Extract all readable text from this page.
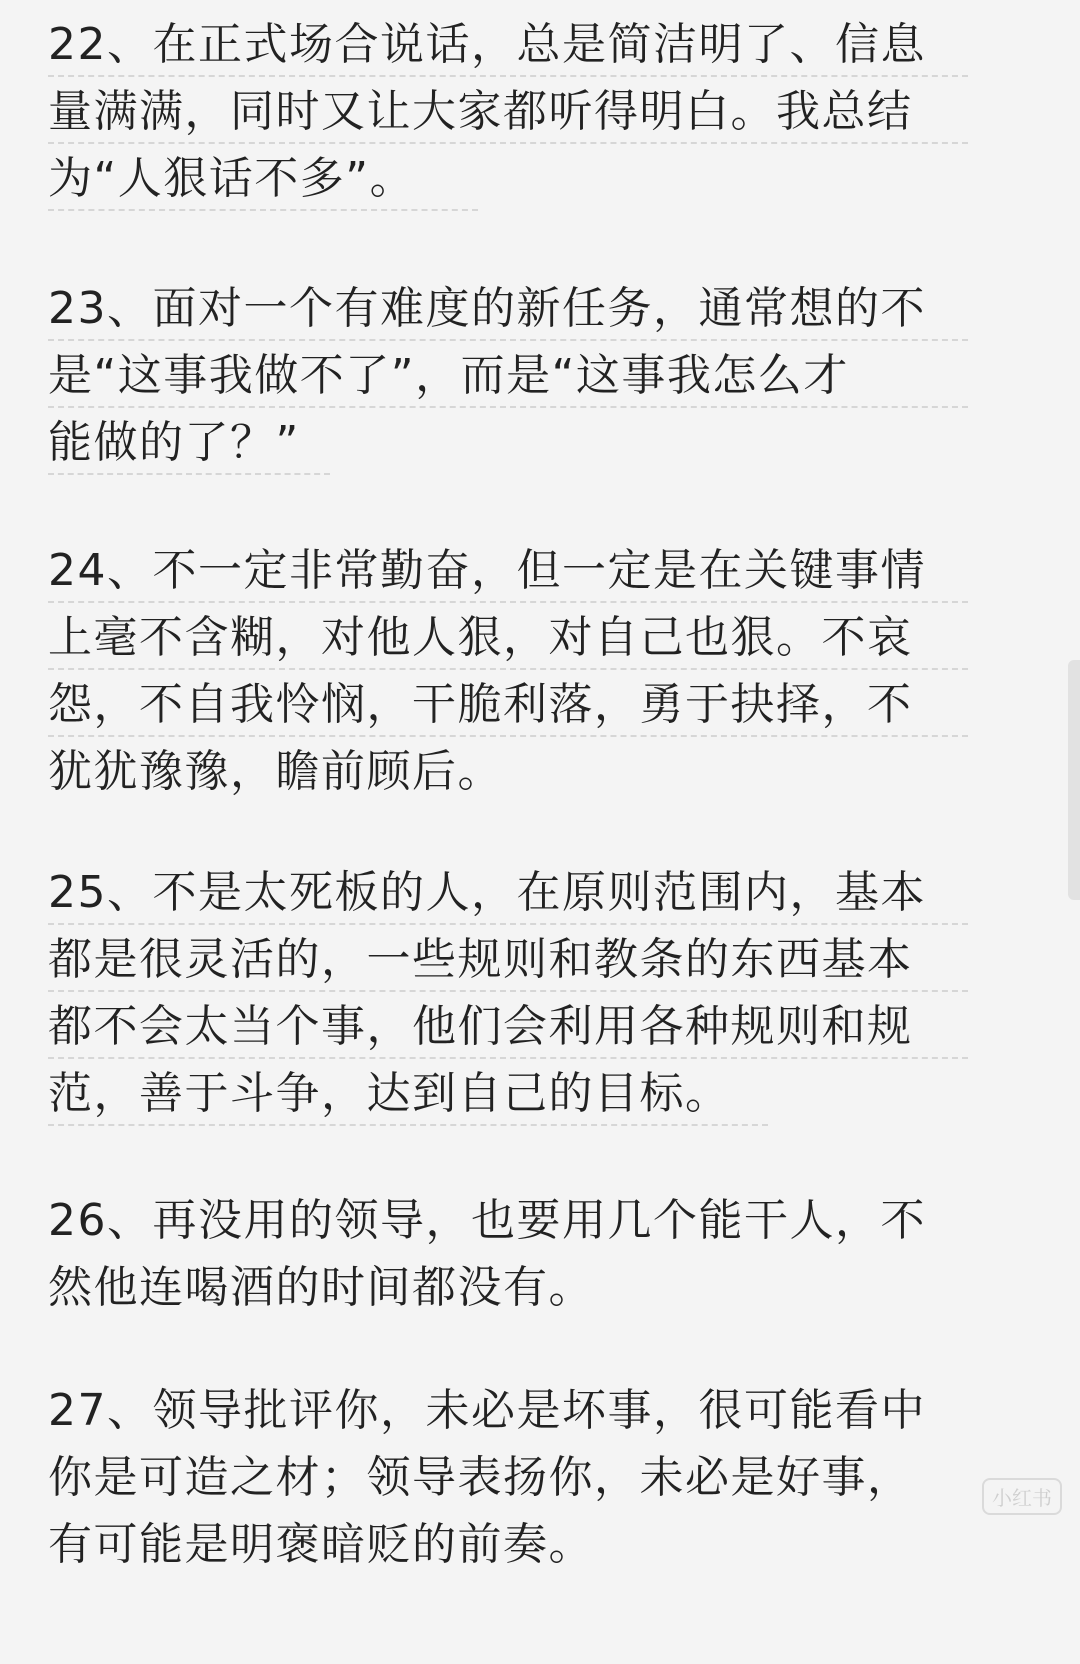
22、在正式场合说话，总是简洁明了、信息
量满满，同时又让大家都听得明白。我总结
为“人狠话不多”。
23、面对一个有难度的新任务，通常想的不
是“这事我做不了”，而是“这事我怎么才
能做的了？”
24、不一定非常勤奋，但一定是在关键事情
上毫不含糊，对他人狠，对自己也狠。不哀
怨，不自我怜悯，干脆利落，勇于抉择，不
犹犹豫豫，瞻前顾后。
25、不是太死板的人，在原则范围内，基本
都是很灵活的，一些规则和教条的东西基本
都不会太当个事，他们会利用各种规则和规
范，善于斗争，达到自己的目标。
26、再没用的领导，也要用几个能干人，不
然他连喝酒的时间都没有。
27、领导批评你，未必是坏事，很可能看中
你是可造之材；领导表扬你，未必是好事，
有可能是明褒暗贬的前奏。
小红书
